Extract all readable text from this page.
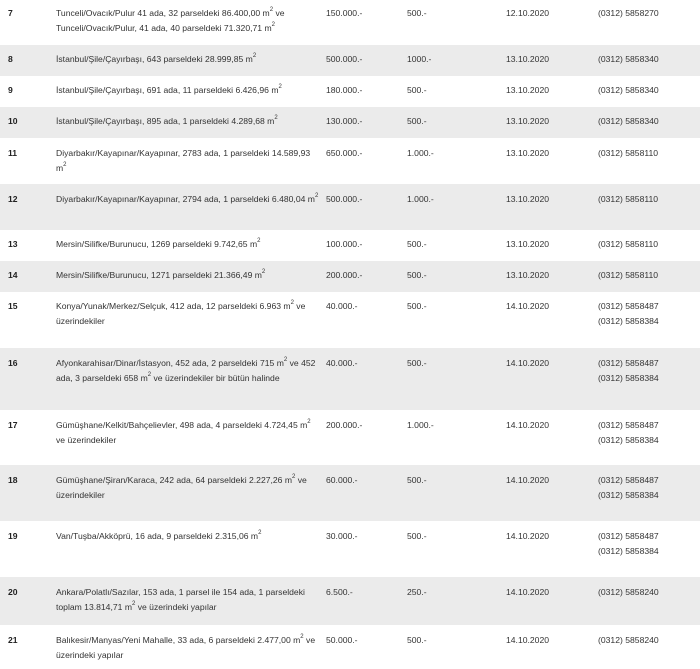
7	Tunceli/Ovacık/Pulur 41 ada, 32 parseldeki 86.400,00 $m^2$ ve Tunceli/Ovacık/Pulur, 41 ada, 40 parseldeki 71.320,71 $m^2$	150.000.-	500.-	12.10.2020	(0312) 5858270

8	İstanbul/Şile/Çayırbaşı, 643 parseldeki 28.999,85 $m^2$	500.000.-	1000.-	13.10.2020	(0312) 5858340

9	İstanbul/Şile/Çayırbaşı, 691 ada, 11 parseldeki 6.426,96 $m^2$	180.000.-	500.-	13.10.2020	(0312) 5858340

10	İstanbul/Şile/Çayırbaşı, 895 ada, 1 parseldeki 4.289,68 $m^2$	130.000.-	500.-	13.10.2020	(0312) 5858340

11	Diyarbakır/Kayapınar/Kayapınar, 2783 ada, 1 parseldeki 14.589,93 $m^2$	650.000.-	1.000.-	13.10.2020	(0312) 5858110

12	Diyarbakır/Kayapınar/Kayapınar, 2794 ada, 1 parseldeki 6.480,04 $m^2$	500.000.-	1.000.-	13.10.2020	(0312) 5858110

13	Mersin/Silifke/Burunucu, 1269 parseldeki 9.742,65 $m^2$	100.000.-	500.-	13.10.2020	(0312) 5858110

14	Mersin/Silifke/Burunucu, 1271 parseldeki 21.366,49 $m^2$	200.000.-	500.-	13.10.2020	(0312) 5858110

15	Konya/Yunak/Merkez/Selçuk, 412 ada, 12 parseldeki 6.963 $m^2$ ve üzerindekiler	40.000.-	500.-	14.10.2020	(0312) 5858487
(0312) 5858384

16	Afyonkarahisar/Dinar/İstasyon, 452 ada, 2 parseldeki 715 $m^2$ ve 452 ada, 3 parseldeki 658 $m^2$ ve üzerindekiler bir bütün halinde	40.000.-	500.-	14.10.2020	(0312) 5858487
(0312) 5858384

17	Gümüşhane/Kelkit/Bahçelievler, 498 ada, 4 parseldeki 4.724,45 $m^2$ ve üzerindekiler	200.000.-	1.000.-	14.10.2020	(0312) 5858487
(0312) 5858384

18	Gümüşhane/Şiran/Karaca, 242 ada, 64 parseldeki 2.227,26 $m^2$ ve üzerindekiler	60.000.-	500.-	14.10.2020	(0312) 5858487
(0312) 5858384

19	Van/Tuşba/Akköprü, 16 ada, 9 parseldeki 2.315,06 $m^2$	30.000.-	500.-	14.10.2020	(0312) 5858487
(0312) 5858384

20	Ankara/Polatlı/Sazılar, 153 ada, 1 parsel ile 154 ada, 1 parseldeki toplam 13.814,71 $m^2$ ve üzerindeki yapılar	6.500.-	250.-	14.10.2020	(0312) 5858240

21	Balıkesir/Manyas/Yeni Mahalle, 33 ada, 6 parseldeki 2.477,00 $m^2$ ve üzerindeki yapılar	50.000.-	500.-	14.10.2020	(0312) 5858240
